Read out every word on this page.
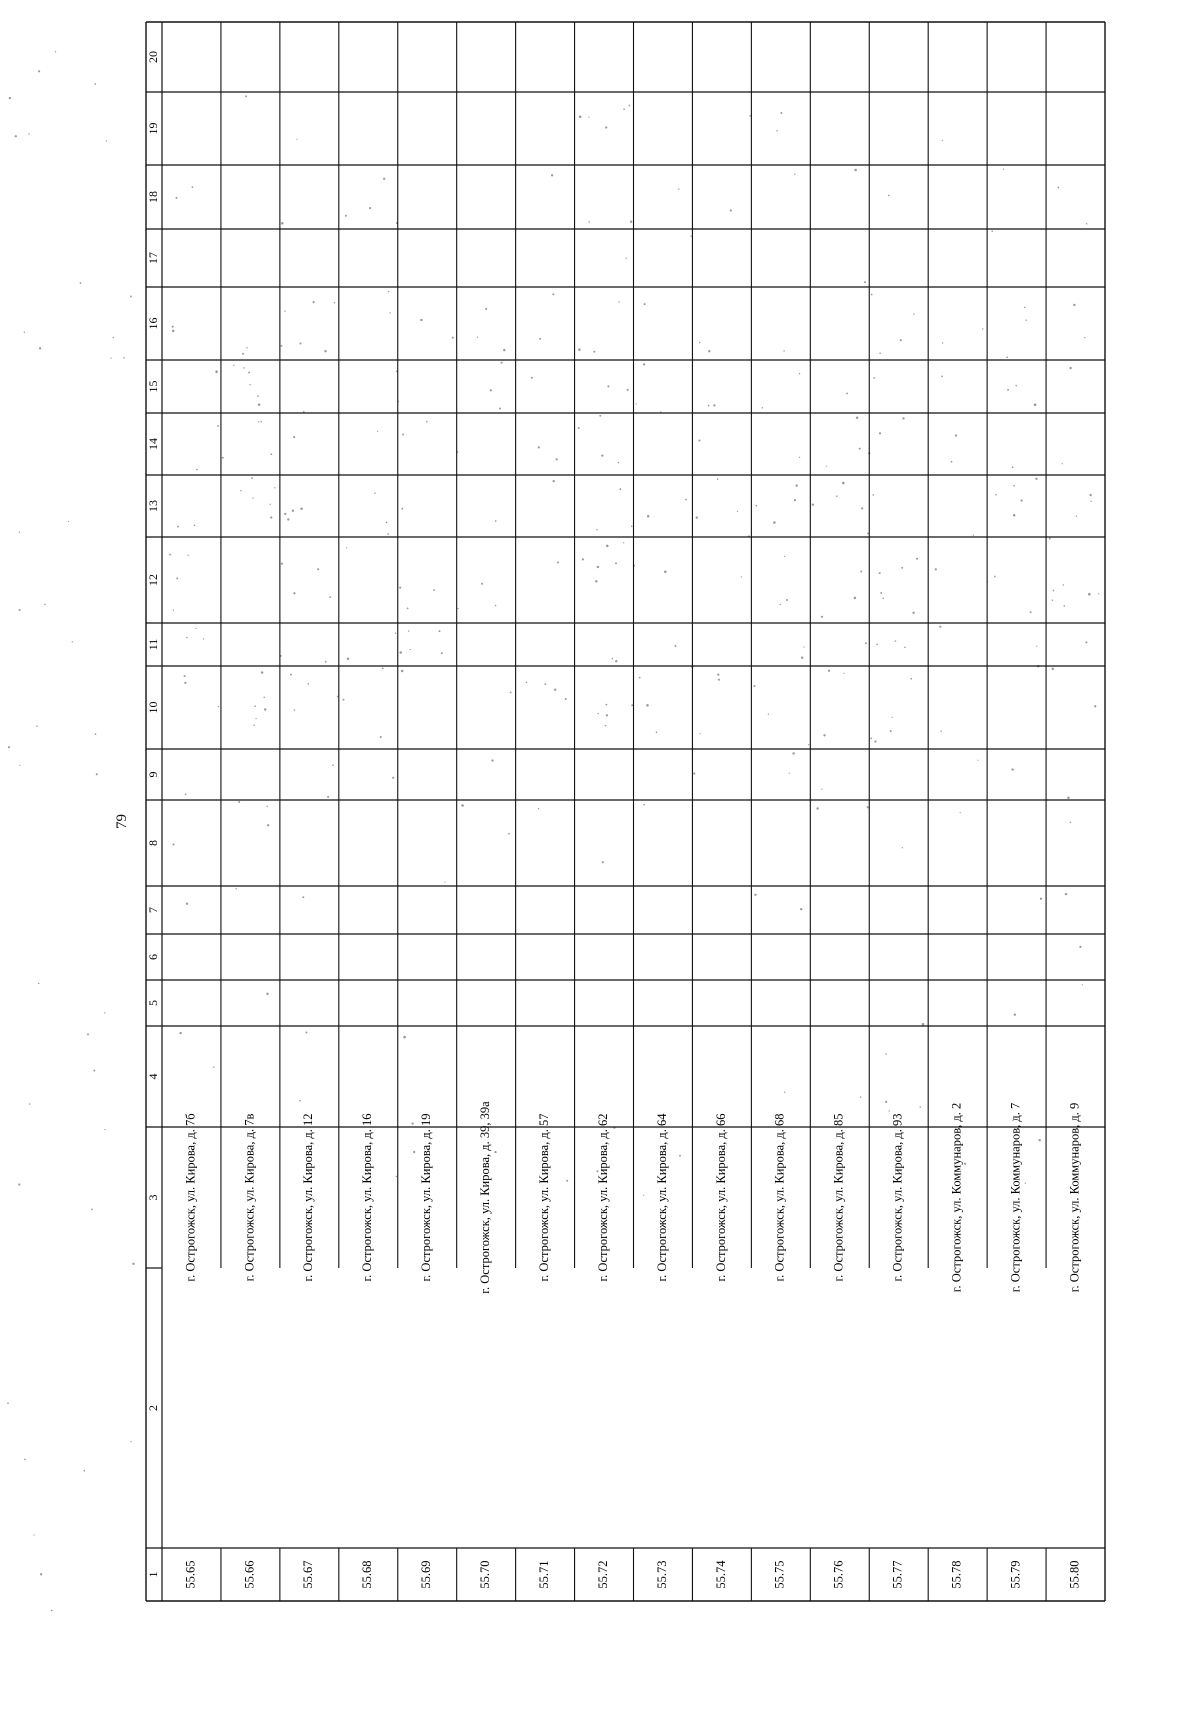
79
1
2
3
4
5
6
7
8
9
10
11
12
13
14
15
16
17
18
19
20
55.65
г. Острогожск, ул. Кирова, д. 7б
55.66
г. Острогожск, ул. Кирова, д. 7в
55.67
г. Острогожск, ул. Кирова, д. 12
55.68
г. Острогожск, ул. Кирова, д. 16
55.69
г. Острогожск, ул. Кирова, д. 19
55.70
г. Острогожск, ул. Кирова, д. 39, 39а
55.71
г. Острогожск, ул. Кирова, д. 57
55.72
г. Острогожск, ул. Кирова, д. 62
55.73
г. Острогожск, ул. Кирова, д. 64
55.74
г. Острогожск, ул. Кирова, д. 66
55.75
г. Острогожск, ул. Кирова, д. 68
55.76
г. Острогожск, ул. Кирова, д. 85
55.77
г. Острогожск, ул. Кирова, д. 93
55.78
г. Острогожск, ул. Коммунаров, д. 2
55.79
г. Острогожск, ул. Коммунаров, д. 7
55.80
г. Острогожск, ул. Коммунаров, д. 9
